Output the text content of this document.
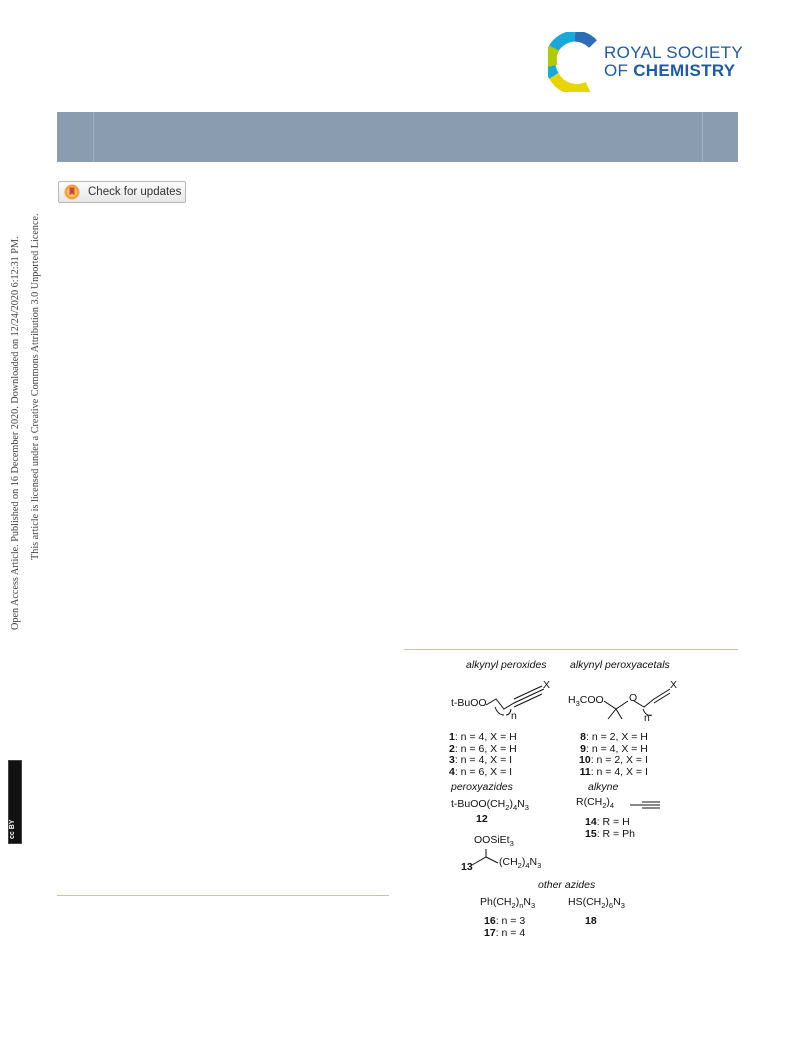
ROYAL SOCIETY
OF CHEMISTRY
Check for updates
Open Access Article. Published on 16 December 2020. Downloaded on 12/24/2020 6:12:31 PM. This article is licensed under a Creative Commons Attribution 3.0 Unported Licence.
cc BY
alkynyl peroxides alkynyl peroxyacetals
t-BuOO
X
n
$H_3COO$ O
X
n
1: n = 4, X = H
2: n = 6, X = H
3: n = 4, X = I
4: n = 6, X = I
8: n = 2, X = H
9: n = 4, X = H
10: n = 2, X = I
11: n = 4, X = I
peroxyazides	alkyne
$t-BuOO(CH_2)_4N_3$
12
$R(CH_2)_4$
14: R = H
15: R = Ph
OOSiEt$_3$
$(CH_2)_4N_3$
13
other azides
$Ph(CH_2)_nN_3$	$HS(CH_2)_6N_3$
16: n = 3
17: n = 4
18
